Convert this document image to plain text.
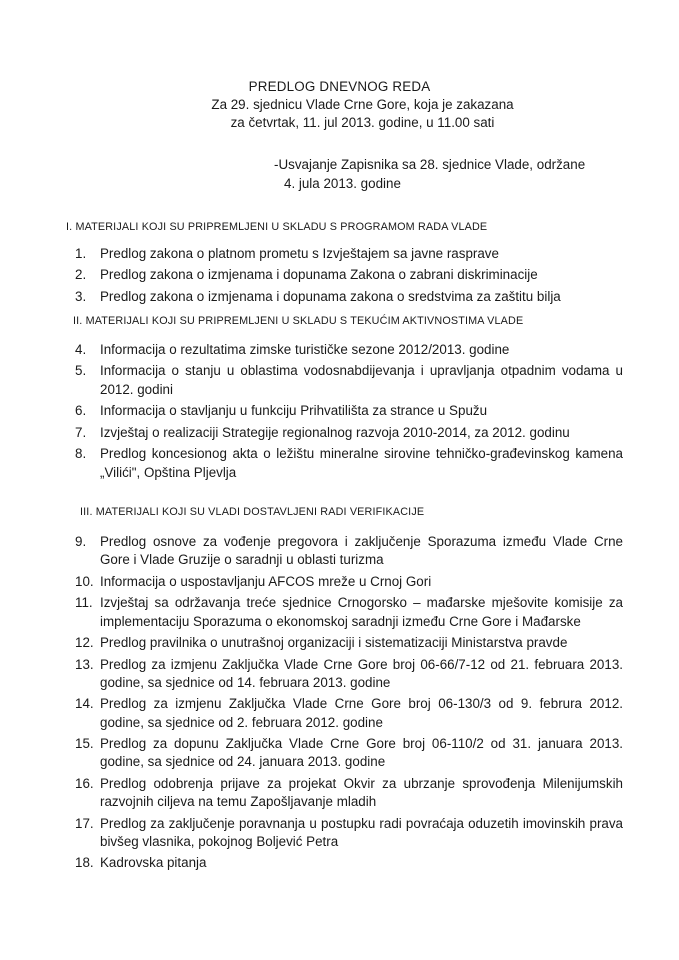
PREDLOG DNEVNOG REDA
Za 29. sjednicu Vlade Crne Gore, koja je zakazana
za četvrtak, 11. jul 2013. godine, u 11.00 sati
-Usvajanje Zapisnika sa 28. sjednice Vlade, održane
4. jula 2013. godine
I. MATERIJALI KOJI SU PRIPREMLJENI U SKLADU S PROGRAMOM RADA VLADE
1.	Predlog zakona o platnom prometu s Izvještajem sa javne rasprave
2.	Predlog zakona o izmjenama i dopunama Zakona o zabrani diskriminacije
3.	Predlog zakona o izmjenama i dopunama zakona o sredstvima za zaštitu bilja
II. MATERIJALI KOJI SU PRIPREMLJENI U SKLADU S TEKUĆIM AKTIVNOSTIMA VLADE
4.	Informacija o rezultatima zimske turističke sezone 2012/2013. godine
5.	Informacija o stanju u oblastima vodosnabdijevanja i upravljanja otpadnim vodama u 2012. godini
6.	Informacija o stavljanju u funkciju Prihvatilišta za strance u Spužu
7.	Izvještaj o realizaciji Strategije regionalnog razvoja 2010-2014, za 2012. godinu
8.	Predlog koncesionog akta o ležištu mineralne sirovine tehničko-građevinskog kamena „Vilići", Opština Pljevlja
III. MATERIJALI KOJI SU VLADI DOSTAVLJENI RADI VERIFIKACIJE
9.	Predlog osnove za vođenje pregovora i zaključenje Sporazuma između Vlade Crne Gore i Vlade Gruzije o saradnji u oblasti turizma
10. Informacija o uspostavljanju AFCOS mreže u Crnoj Gori
11. Izvještaj sa održavanja treće sjednice Crnogorsko – mađarske mješovite komisije za implementaciju Sporazuma o ekonomskoj saradnji između Crne Gore i Mađarske
12. Predlog pravilnika o unutrašnoj organizaciji i sistematizaciji Ministarstva pravde
13. Predlog za izmjenu Zaključka Vlade Crne Gore broj 06-66/7-12 od 21. februara 2013. godine, sa sjednice od 14. februara 2013. godine
14. Predlog za izmjenu Zaključka Vlade Crne Gore broj 06-130/3 od 9. februra 2012. godine, sa sjednice od 2. februara 2012. godine
15. Predlog za dopunu Zaključka Vlade Crne Gore broj 06-110/2 od 31. januara 2013. godine, sa sjednice od 24. januara 2013. godine
16. Predlog odobrenja prijave za projekat Okvir za ubrzanje sprovođenja Milenijumskih razvojnih ciljeva na temu Zapošljavanje mladih
17. Predlog za zaključenje poravnanja u postupku radi povraćaja oduzetih imovinskih prava bivšeg vlasnika, pokojnog Boljević Petra
18. Kadrovska pitanja
